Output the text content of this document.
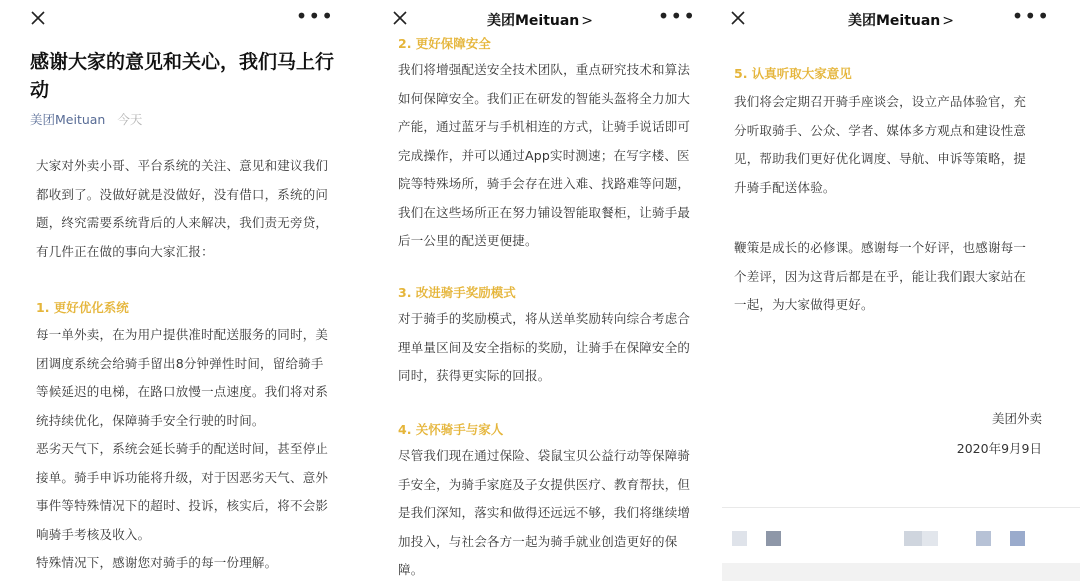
•••
感谢大家的意见和关心，我们马上行动
美团Meituan 今天
大家对外卖小哥、平台系统的关注、意见和建议我们都收到了。没做好就是没做好，没有借口，系统的问题，终究需要系统背后的人来解决，我们责无旁贷，有几件正在做的事向大家汇报：
1. 更好优化系统
每一单外卖，在为用户提供准时配送服务的同时，美团调度系统会给骑手留出8分钟弹性时间，留给骑手等候延迟的电梯，在路口放慢一点速度。我们将对系统持续优化，保障骑手安全行驶的时间。
恶劣天气下，系统会延长骑手的配送时间，甚至停止接单。骑手申诉功能将升级，对于因恶劣天气、意外事件等特殊情况下的超时、投诉，核实后，将不会影响骑手考核及收入。
特殊情况下，感谢您对骑手的每一份理解。
美团Meituan >	•••
2. 更好保障安全
我们将增强配送安全技术团队，重点研究技术和算法如何保障安全。我们正在研发的智能头盔将全力加大产能，通过蓝牙与手机相连的方式，让骑手说话即可完成操作，并可以通过App实时测速；在写字楼、医院等特殊场所，骑手会存在进入难、找路难等问题，我们在这些场所正在努力铺设智能取餐柜，让骑手最后一公里的配送更便捷。
3. 改进骑手奖励模式
对于骑手的奖励模式，将从送单奖励转向综合考虑合理单量区间及安全指标的奖励，让骑手在保障安全的同时，获得更实际的回报。
4. 关怀骑手与家人
尽管我们现在通过保险、袋鼠宝贝公益行动等保障骑手安全，为骑手家庭及子女提供医疗、教育帮扶，但是我们深知，落实和做得还远远不够，我们将继续增加投入，与社会各方一起为骑手就业创造更好的保障。
美团Meituan >	•••
5. 认真听取大家意见
我们将会定期召开骑手座谈会，设立产品体验官，充分听取骑手、公众、学者、媒体多方观点和建设性意见，帮助我们更好优化调度、导航、申诉等策略，提升骑手配送体验。
鞭策是成长的必修课。感谢每一个好评，也感谢每一个差评，因为这背后都是在乎，能让我们跟大家站在一起，为大家做得更好。
美团外卖
2020年9月9日
